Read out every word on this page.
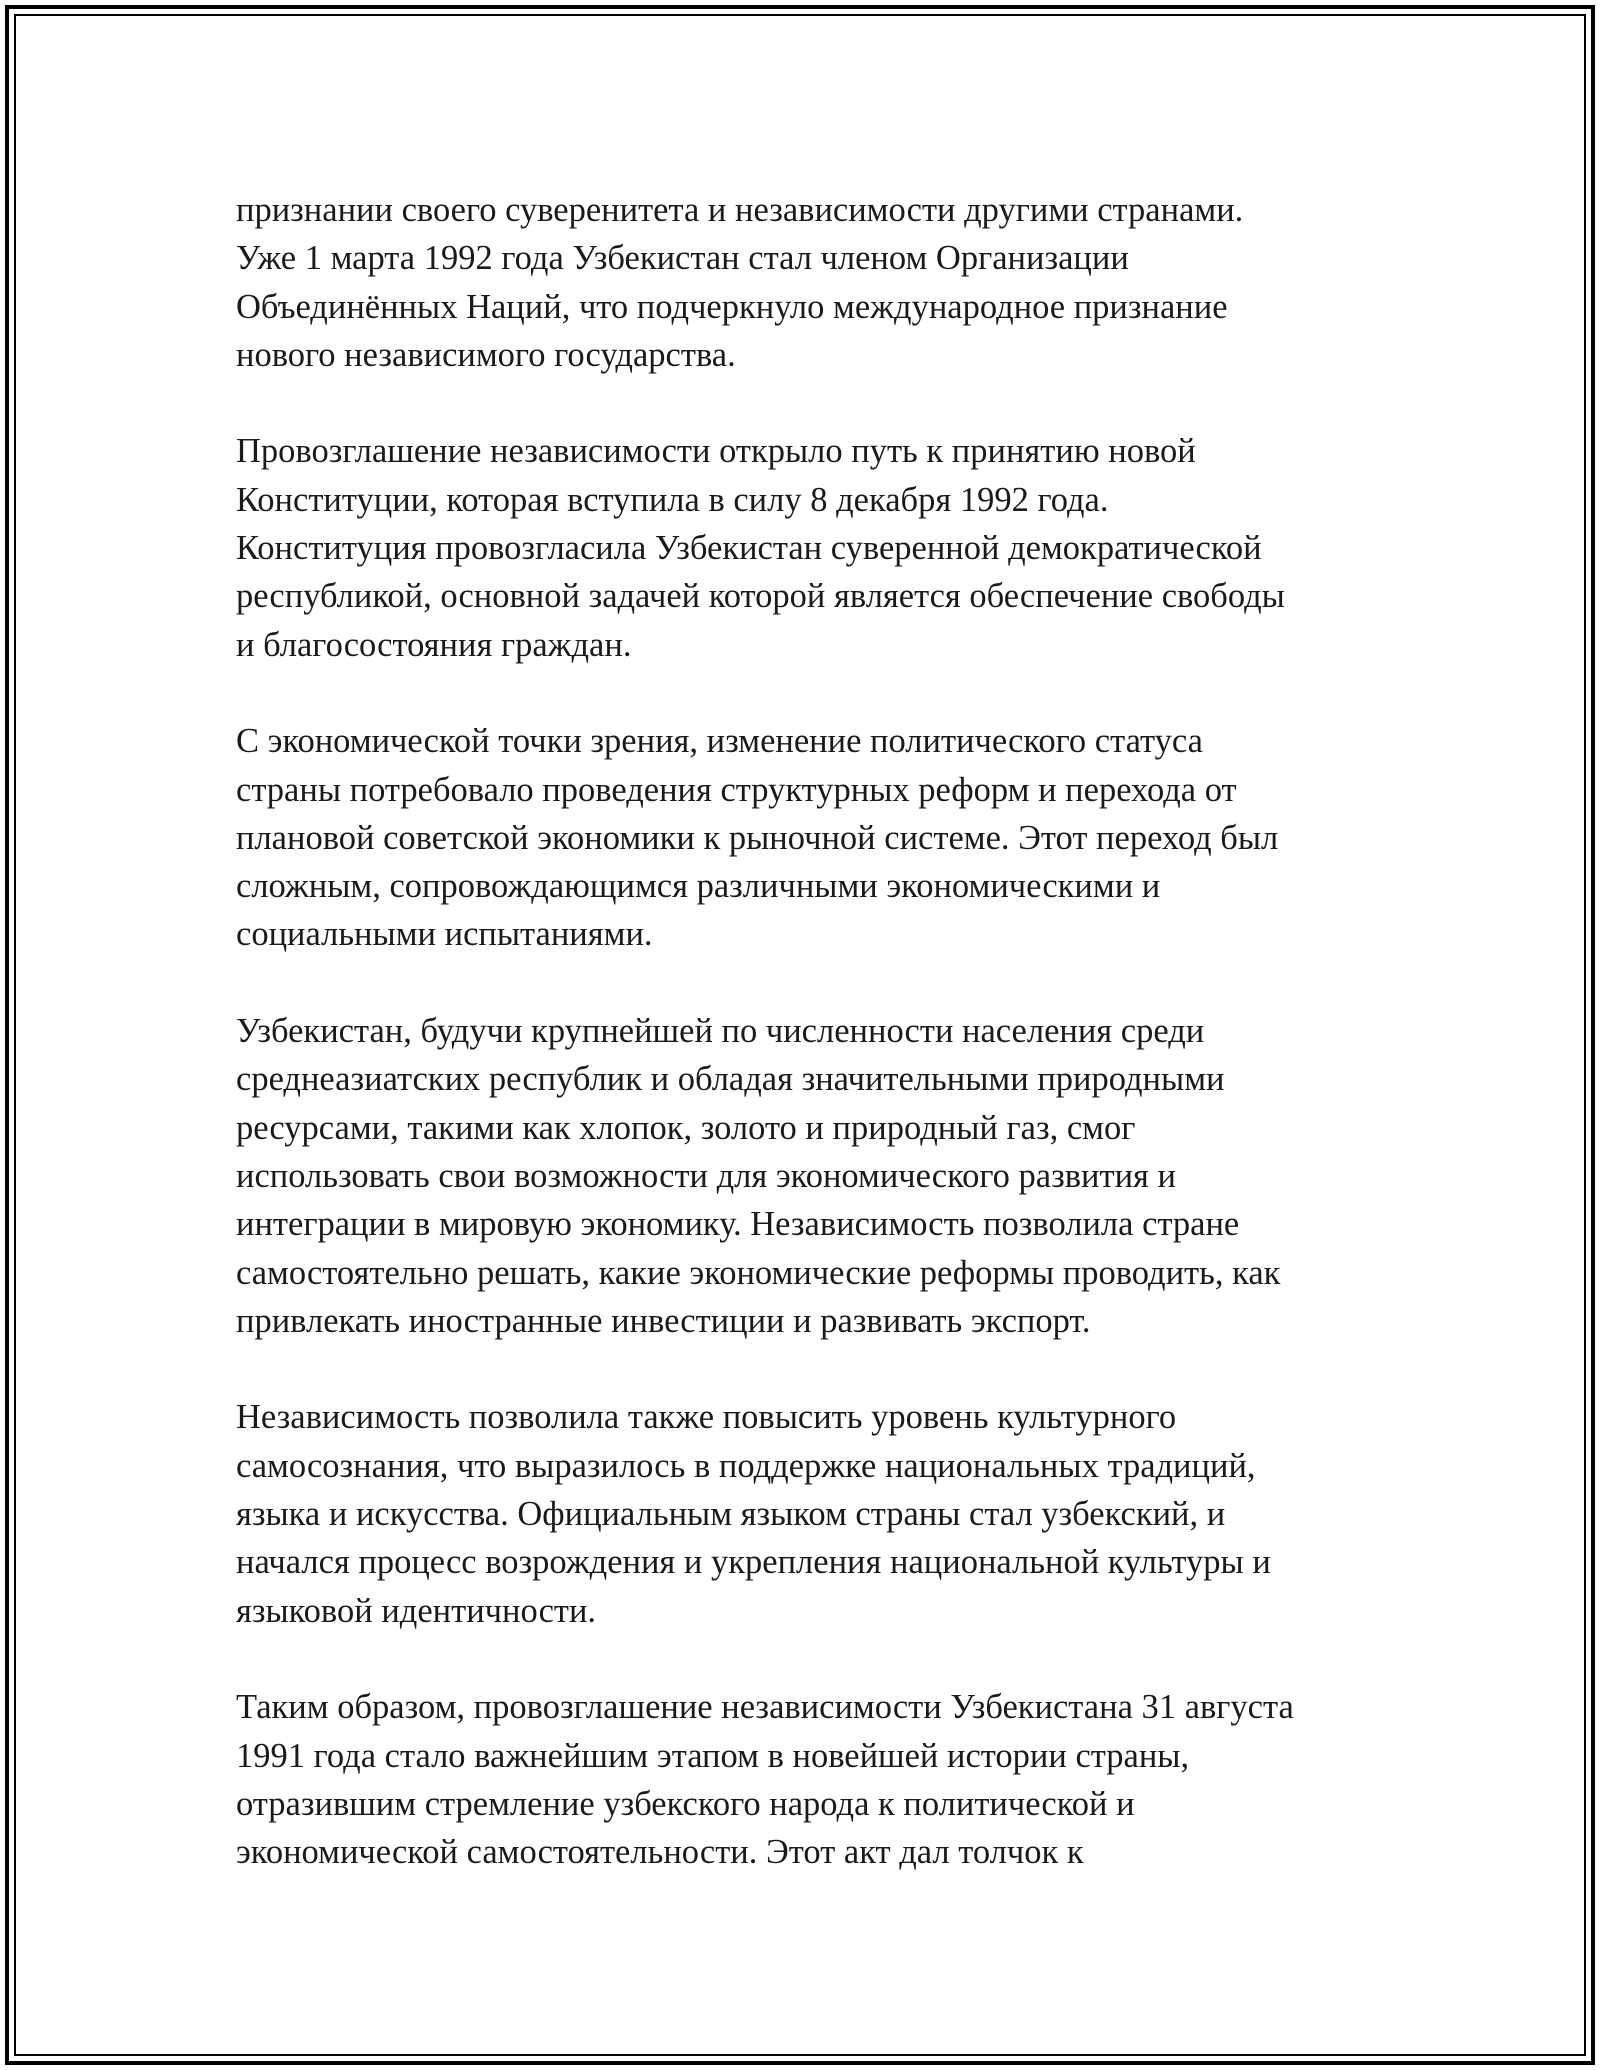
признании своего суверенитета и независимости другими странами.
Уже 1 марта 1992 года Узбекистан стал членом Организации
Объединённых Наций, что подчеркнуло международное признание
нового независимого государства.

Провозглашение независимости открыло путь к принятию новой
Конституции, которая вступила в силу 8 декабря 1992 года.
Конституция провозгласила Узбекистан суверенной демократической
республикой, основной задачей которой является обеспечение свободы
и благосостояния граждан.

С экономической точки зрения, изменение политического статуса
страны потребовало проведения структурных реформ и перехода от
плановой советской экономики к рыночной системе. Этот переход был
сложным, сопровождающимся различными экономическими и
социальными испытаниями.

Узбекистан, будучи крупнейшей по численности населения среди
среднеазиатских республик и обладая значительными природными
ресурсами, такими как хлопок, золото и природный газ, смог
использовать свои возможности для экономического развития и
интеграции в мировую экономику. Независимость позволила стране
самостоятельно решать, какие экономические реформы проводить, как
привлекать иностранные инвестиции и развивать экспорт.

Независимость позволила также повысить уровень культурного
самосознания, что выразилось в поддержке национальных традиций,
языка и искусства. Официальным языком страны стал узбекский, и
начался процесс возрождения и укрепления национальной культуры и
языковой идентичности.

Таким образом, провозглашение независимости Узбекистана 31 августа
1991 года стало важнейшим этапом в новейшей истории страны,
отразившим стремление узбекского народа к политической и
экономической самостоятельности. Этот акт дал толчок к
